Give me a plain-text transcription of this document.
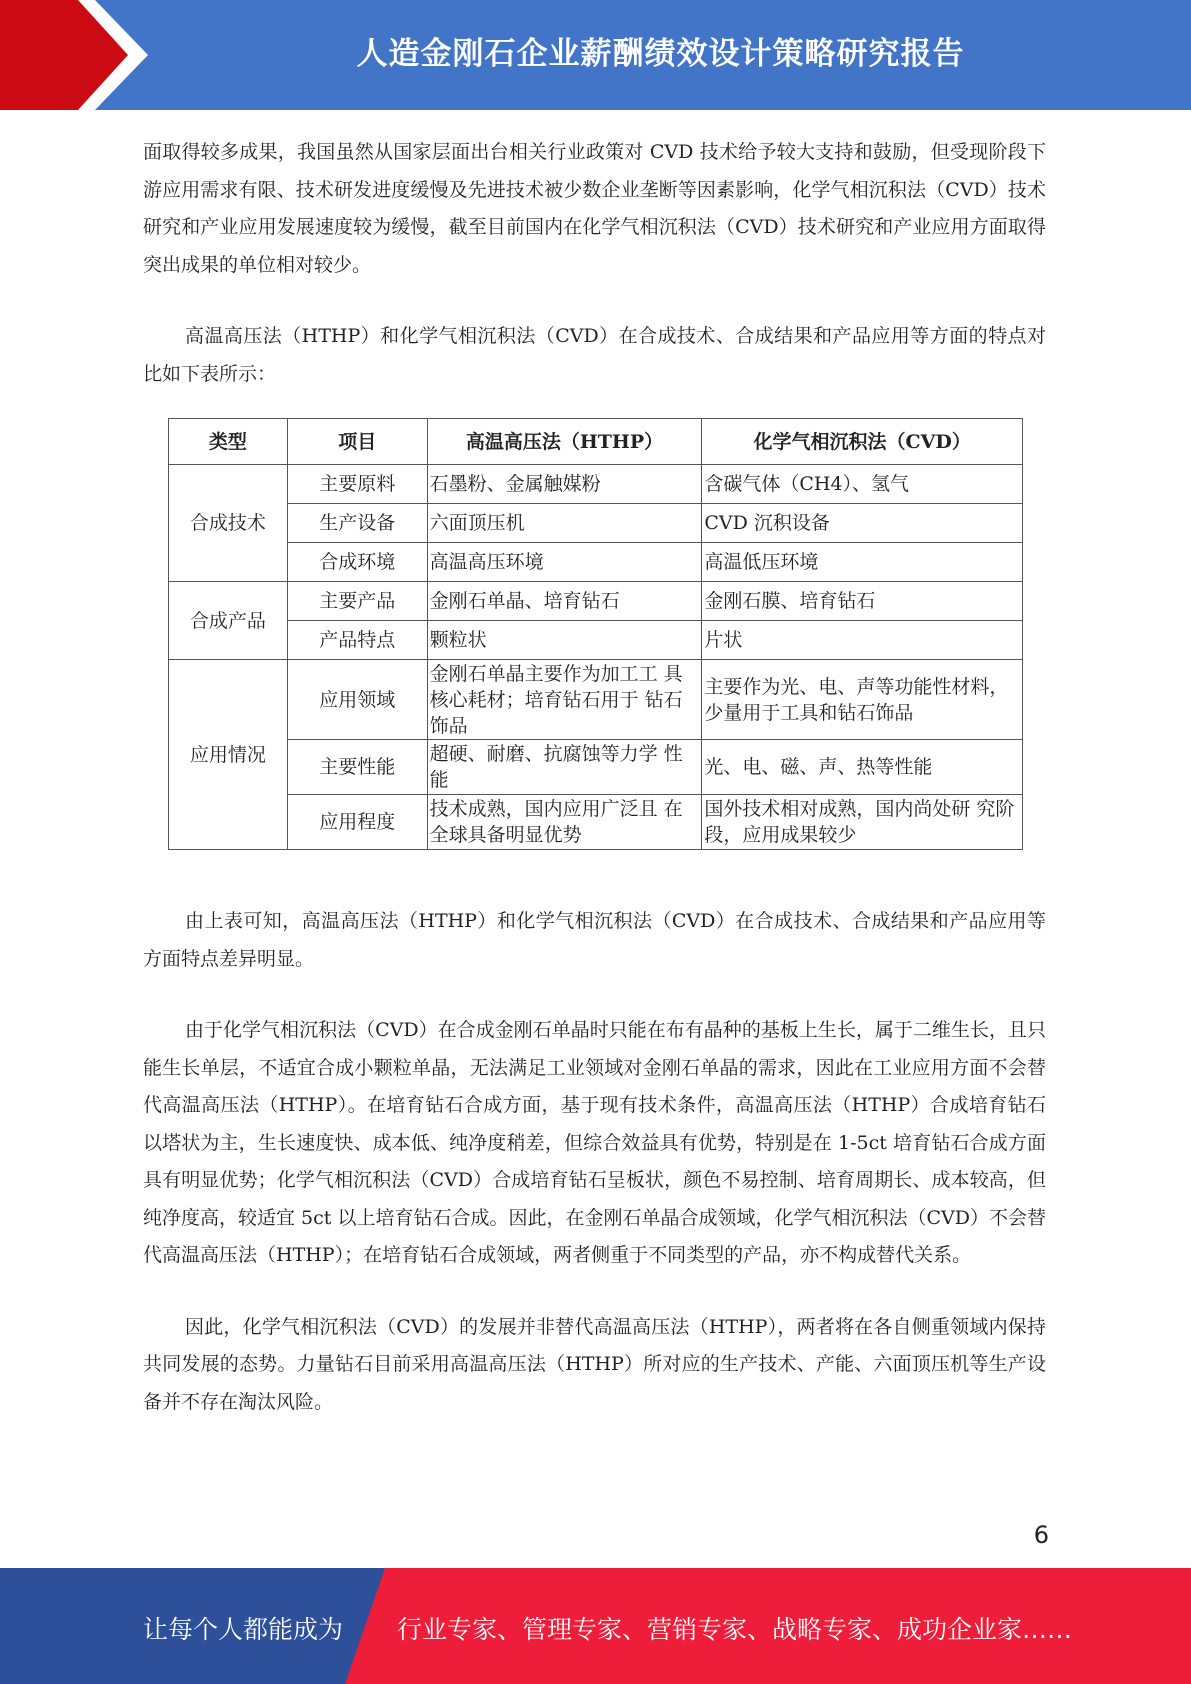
人造金刚石企业薪酬绩效设计策略研究报告

面取得较多成果，我国虽然从国家层面出台相关行业政策对 CVD 技术给予较大支持和鼓励，但受现阶段下游应用需求有限、技术研发进度缓慢及先进技术被少数企业垄断等因素影响，化学气相沉积法（CVD）技术研究和产业应用发展速度较为缓慢，截至目前国内在化学气相沉积法（CVD）技术研究和产业应用方面取得突出成果的单位相对较少。

高温高压法（HTHP）和化学气相沉积法（CVD）在合成技术、合成结果和产品应用等方面的特点对比如下表所示：

类型	项目	高温高压法（HTHP）	化学气相沉积法（CVD）
合成技术	主要原料	石墨粉、金属触媒粉	含碳气体（CH4）、氢气
	生产设备	六面顶压机	CVD 沉积设备
	合成环境	高温高压环境	高温低压环境
合成产品	主要产品	金刚石单晶、培育钻石	金刚石膜、培育钻石
	产品特点	颗粒状	片状
应用情况	应用领域	金刚石单晶主要作为加工工 具核心耗材；培育钻石用于 钻石饰品	主要作为光、电、声等功能性材料，少量用于工具和钻石饰品
	主要性能	超硬、耐磨、抗腐蚀等力学 性能	光、电、磁、声、热等性能
	应用程度	技术成熟，国内应用广泛且 在全球具备明显优势	国外技术相对成熟，国内尚处研 究阶段，应用成果较少

由上表可知，高温高压法（HTHP）和化学气相沉积法（CVD）在合成技术、合成结果和产品应用等方面特点差异明显。

由于化学气相沉积法（CVD）在合成金刚石单晶时只能在布有晶种的基板上生长，属于二维生长，且只能生长单层，不适宜合成小颗粒单晶，无法满足工业领域对金刚石单晶的需求，因此在工业应用方面不会替代高温高压法（HTHP）。在培育钻石合成方面，基于现有技术条件，高温高压法（HTHP）合成培育钻石以塔状为主，生长速度快、成本低、纯净度稍差，但综合效益具有优势，特别是在 1-5ct 培育钻石合成方面具有明显优势；化学气相沉积法（CVD）合成培育钻石呈板状，颜色不易控制、培育周期长、成本较高，但纯净度高，较适宜 5ct 以上培育钻石合成。因此，在金刚石单晶合成领域，化学气相沉积法（CVD）不会替代高温高压法（HTHP）；在培育钻石合成领域，两者侧重于不同类型的产品，亦不构成替代关系。

因此，化学气相沉积法（CVD）的发展并非替代高温高压法（HTHP），两者将在各自侧重领域内保持共同发展的态势。力量钻石目前采用高温高压法（HTHP）所对应的生产技术、产能、六面顶压机等生产设备并不存在淘汰风险。

6
让每个人都能成为 行业专家、管理专家、营销专家、战略专家、成功企业家……
